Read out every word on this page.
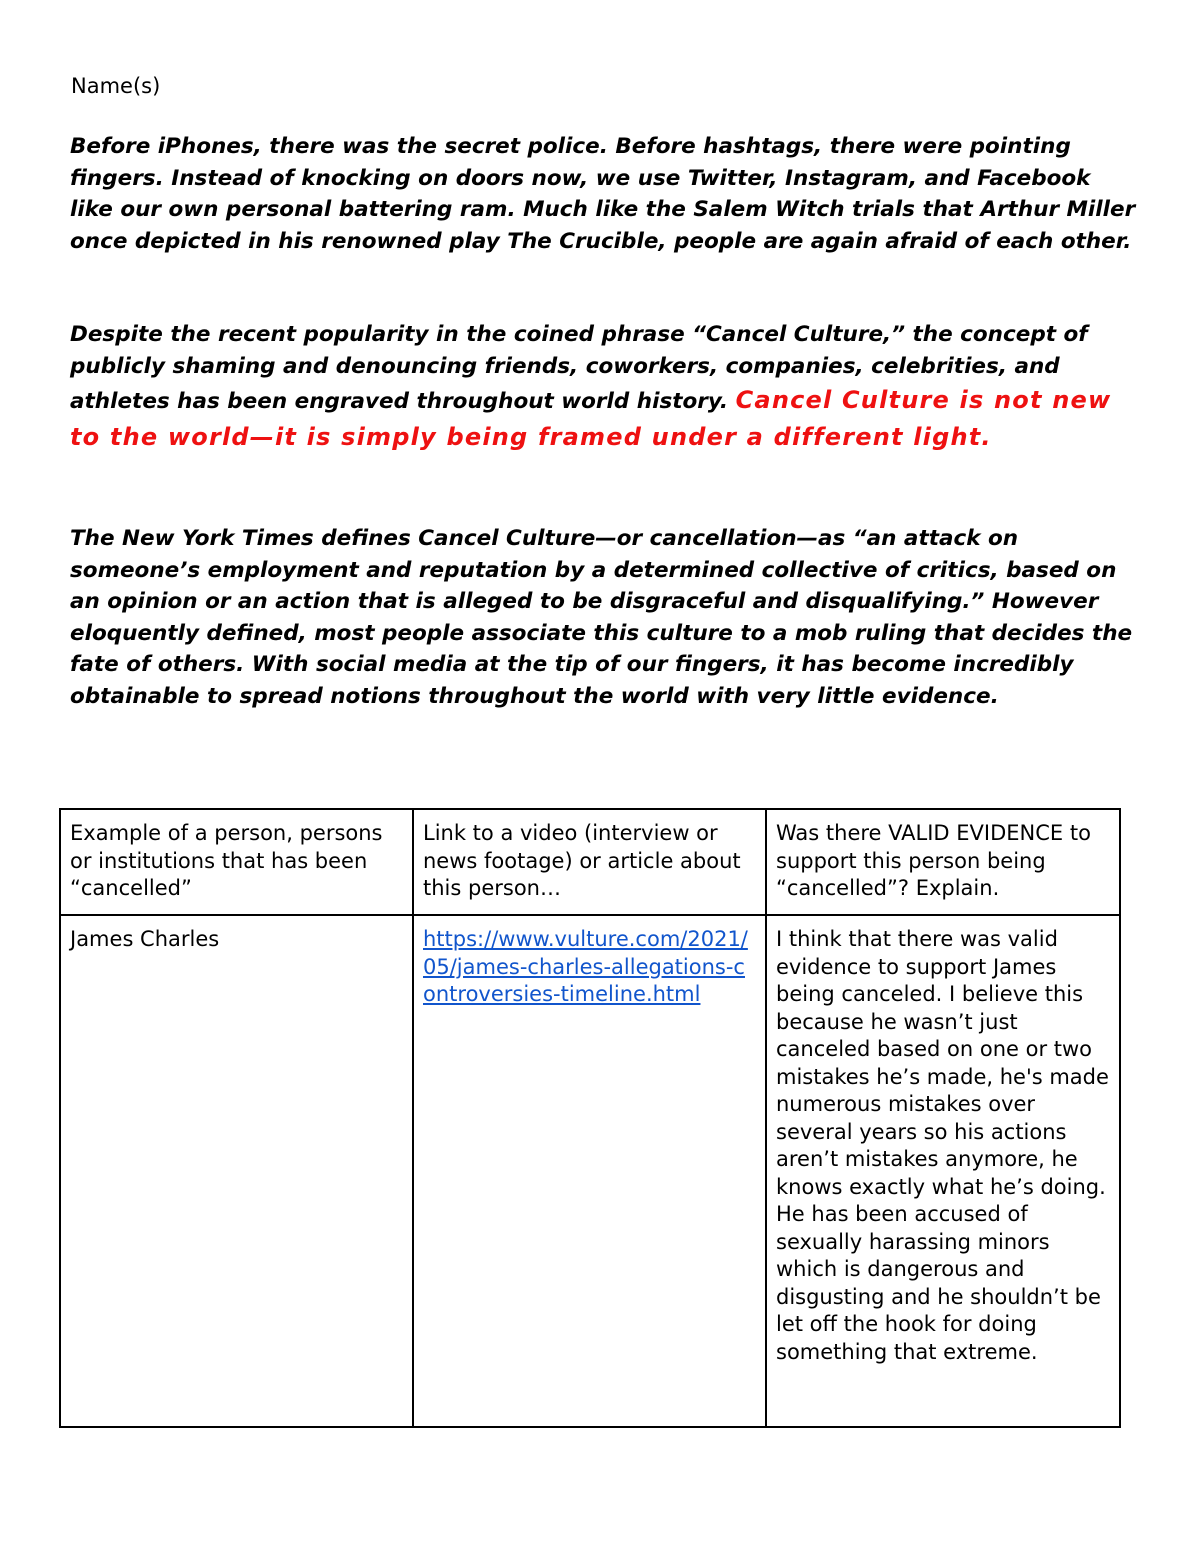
Name(s)

Before iPhones, there was the secret police. Before hashtags, there were pointing fingers. Instead of knocking on doors now, we use Twitter, Instagram, and Facebook like our own personal battering ram. Much like the Salem Witch trials that Arthur Miller once depicted in his renowned play The Crucible, people are again afraid of each other.

Despite the recent popularity in the coined phrase “Cancel Culture,” the concept of publicly shaming and denouncing friends, coworkers, companies, celebrities, and athletes has been engraved throughout world history. Cancel Culture is not new to the world—it is simply being framed under a different light.

The New York Times defines Cancel Culture—or cancellation—as “an attack on someone’s employment and reputation by a determined collective of critics, based on an opinion or an action that is alleged to be disgraceful and disqualifying.” However eloquently defined, most people associate this culture to a mob ruling that decides the fate of others. With social media at the tip of our fingers, it has become incredibly obtainable to spread notions throughout the world with very little evidence.

Example of a person, persons or institutions that has been “cancelled”	Link to a video (interview or news footage) or article about this person…	Was there VALID EVIDENCE to support this person being “cancelled”? Explain.
James Charles	https://www.vulture.com/2021/05/james-charles-allegations-controversies-timeline.html	I think that there was valid evidence to support James being canceled. I believe this because he wasn’t just canceled based on one or two mistakes he’s made, he's made numerous mistakes over several years so his actions aren’t mistakes anymore, he knows exactly what he’s doing. He has been accused of sexually harassing minors which is dangerous and disgusting and he shouldn’t be let off the hook for doing something that extreme.
